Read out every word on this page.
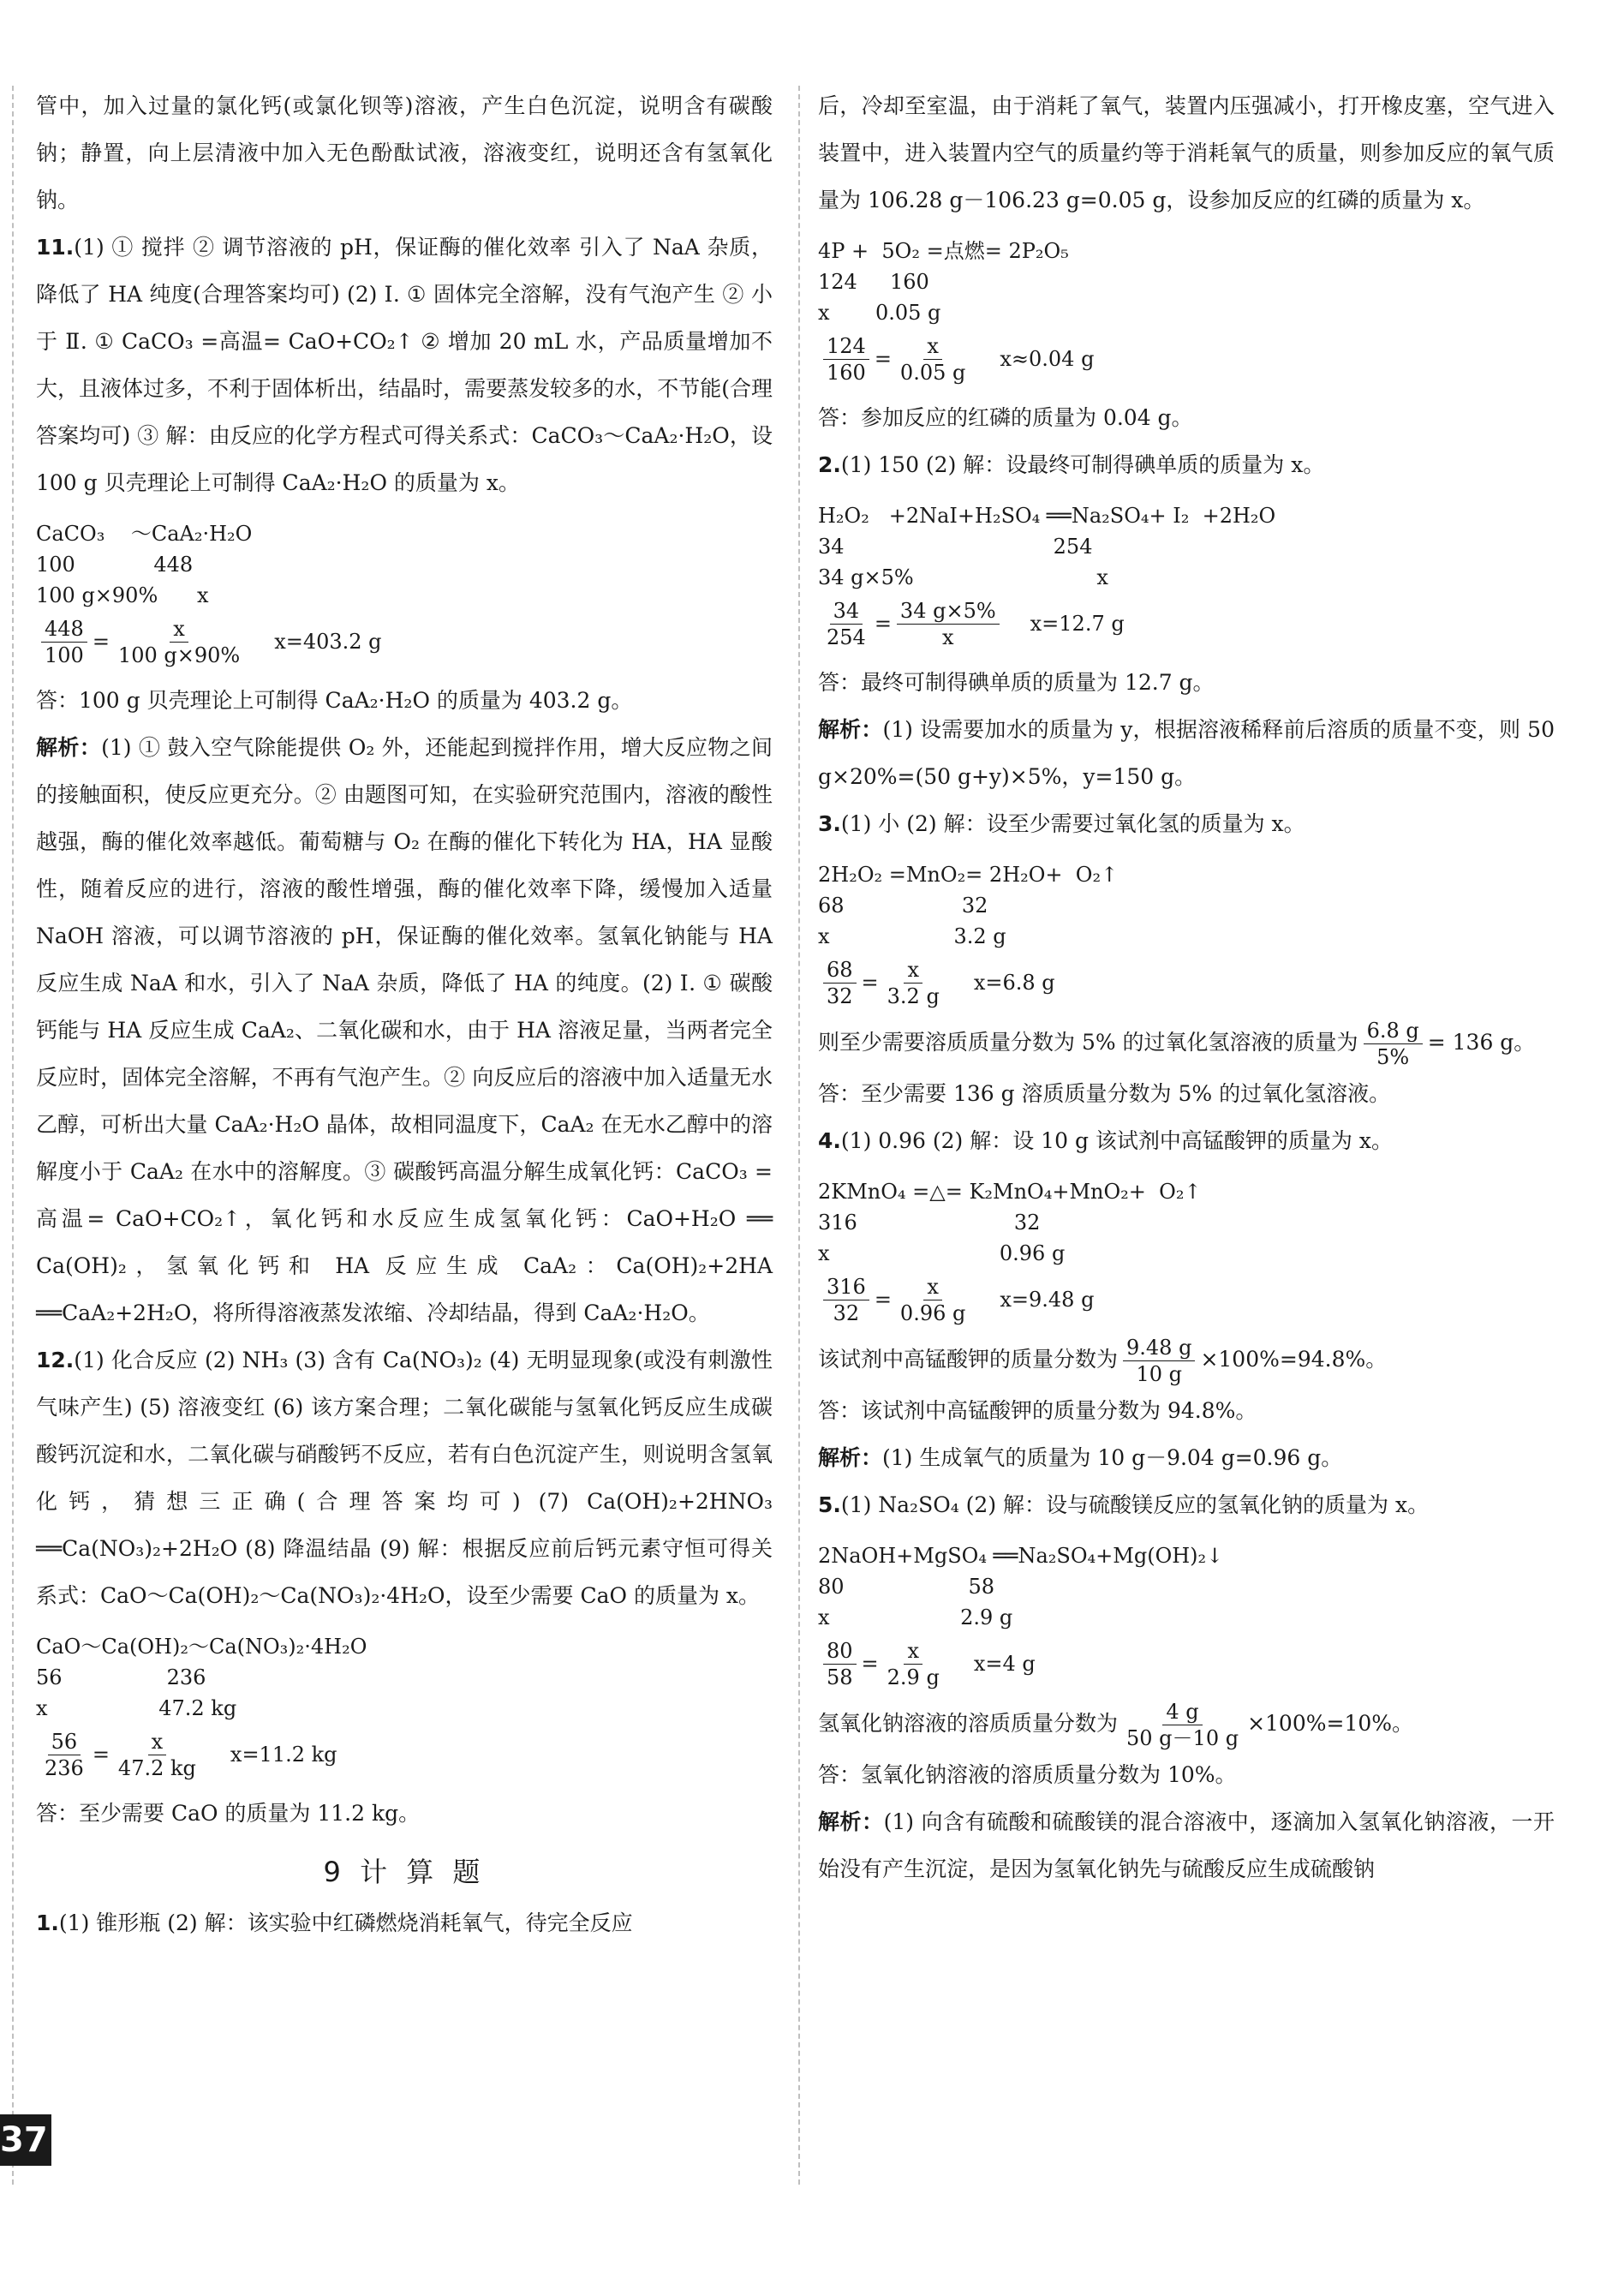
管中，加入过量的氯化钙(或氯化钡等)溶液，产生白色沉淀，说明含有碳酸钠；静置，向上层清液中加入无色酚酞试液，溶液变红，说明还含有氢氧化钠。

11.(1) ① 搅拌 ② 调节溶液的 pH，保证酶的催化效率 引入了 NaA 杂质，降低了 HA 纯度(合理答案均可) (2) Ⅰ. ① 固体完全溶解，没有气泡产生 ② 小于 Ⅱ. ① CaCO₃ =高温= CaO+CO₂↑ ② 增加 20 mL 水，产品质量增加不大，且液体过多，不利于固体析出，结晶时，需要蒸发较多的水，不节能(合理答案均可) ③ 解：由反应的化学方程式可得关系式：CaCO₃～CaA₂·H₂O，设 100 g 贝壳理论上可制得 CaA₂·H₂O 的质量为 x。

CaCO₃    ～CaA₂·H₂O
100            448
100 g×90%      x
$\frac{448}{100} = \frac{x}{100 g\times 90\%} x=403.2$ g

答：100 g 贝壳理论上可制得 CaA₂·H₂O 的质量为 403.2 g。

解析：(1) ① 鼓入空气除能提供 O₂ 外，还能起到搅拌作用，增大反应物之间的接触面积，使反应更充分。② 由题图可知，在实验研究范围内，溶液的酸性越强，酶的催化效率越低。葡萄糖与 O₂ 在酶的催化下转化为 HA，HA 显酸性，随着反应的进行，溶液的酸性增强，酶的催化效率下降，缓慢加入适量 NaOH 溶液，可以调节溶液的 pH，保证酶的催化效率。氢氧化钠能与 HA 反应生成 NaA 和水，引入了 NaA 杂质，降低了 HA 的纯度。(2) Ⅰ. ① 碳酸钙能与 HA 反应生成 CaA₂、二氧化碳和水，由于 HA 溶液足量，当两者完全反应时，固体完全溶解，不再有气泡产生。② 向反应后的溶液中加入适量无水乙醇，可析出大量 CaA₂·H₂O 晶体，故相同温度下，CaA₂ 在无水乙醇中的溶解度小于 CaA₂ 在水中的溶解度。③ 碳酸钙高温分解生成氧化钙：CaCO₃ =高温= CaO+CO₂↑，氧化钙和水反应生成氢氧化钙：CaO+H₂O ══ Ca(OH)₂，氢氧化钙和 HA 反应生成 CaA₂：Ca(OH)₂+2HA ══CaA₂+2H₂O，将所得溶液蒸发浓缩、冷却结晶，得到 CaA₂·H₂O。

12.(1) 化合反应 (2) NH₃ (3) 含有 Ca(NO₃)₂ (4) 无明显现象(或没有刺激性气味产生) (5) 溶液变红 (6) 该方案合理；二氧化碳能与氢氧化钙反应生成碳酸钙沉淀和水，二氧化碳与硝酸钙不反应，若有白色沉淀产生，则说明含氢氧化钙，猜想三正确(合理答案均可) (7) Ca(OH)₂+2HNO₃ ══Ca(NO₃)₂+2H₂O (8) 降温结晶 (9) 解：根据反应前后钙元素守恒可得关系式：CaO～Ca(OH)₂～Ca(NO₃)₂·4H₂O，设至少需要 CaO 的质量为 x。

CaO～Ca(OH)₂～Ca(NO₃)₂·4H₂O
56                236
x                 47.2 kg
$\frac{56}{236} = \frac{x}{47.2 kg} x=11.2$ kg

答：至少需要 CaO 的质量为 11.2 kg。

9 计 算 题

1.(1) 锥形瓶 (2) 解：该实验中红磷燃烧消耗氧气，待完全反应

后，冷却至室温，由于消耗了氧气，装置内压强减小，打开橡皮塞，空气进入装置中，进入装置内空气的质量约等于消耗氧气的质量，则参加反应的氧气质量为 106.28 g－106.23 g=0.05 g，设参加反应的红磷的质量为 x。

4P +  5O₂ =点燃= 2P₂O₅
124     160
x       0.05 g
$\frac{124}{160} = \frac{x}{0.05 g} x\approx 0.04$ g

答：参加反应的红磷的质量为 0.04 g。

2.(1) 150 (2) 解：设最终可制得碘单质的质量为 x。

H₂O₂   +2NaI+H₂SO₄ ══Na₂SO₄+ I₂  +2H₂O
34                                254
34 g×5%                            x
$\frac{34}{254} = \frac{34 g\times 5\%}{x} x=12.7$ g

答：最终可制得碘单质的质量为 12.7 g。

解析：(1) 设需要加水的质量为 y，根据溶液稀释前后溶质的质量不变，则 50 g×20%=(50 g+y)×5%，y=150 g。

3.(1) 小 (2) 解：设至少需要过氧化氢的质量为 x。

2H₂O₂ =MnO₂= 2H₂O+  O₂↑
68                  32
x                   3.2 g
$\frac{68}{32} = \frac{x}{3.2 g} x=6.8$ g

则至少需要溶质质量分数为 5% 的过氧化氢溶液的质量为 $\frac{6.8 g}{5\%} = 136$ g。

答：至少需要 136 g 溶质质量分数为 5% 的过氧化氢溶液。

4.(1) 0.96 (2) 解：设 10 g 该试剂中高锰酸钾的质量为 x。

2KMnO₄ =△= K₂MnO₄+MnO₂+  O₂↑
316                        32
x                          0.96 g
$\frac{316}{32} = \frac{x}{0.96 g} x=9.48$ g

该试剂中高锰酸钾的质量分数为 $\frac{9.48 g}{10 g} \times 100\%=94.8\%$。

答：该试剂中高锰酸钾的质量分数为 94.8%。

解析：(1) 生成氧气的质量为 10 g－9.04 g=0.96 g。

5.(1) Na₂SO₄ (2) 解：设与硫酸镁反应的氢氧化钠的质量为 x。

2NaOH+MgSO₄ ══Na₂SO₄+Mg(OH)₂↓
80                   58
x                    2.9 g
$\frac{80}{58} = \frac{x}{2.9 g} x=4$ g

氢氧化钠溶液的溶质质量分数为 $\frac{4 g}{50 g-10 g} \times 100\%=10\%$。

答：氢氧化钠溶液的溶质质量分数为 10%。

解析：(1) 向含有硫酸和硫酸镁的混合溶液中，逐滴加入氢氧化钠溶液，一开始没有产生沉淀，是因为氢氧化钠先与硫酸反应生成硫酸钠

37
